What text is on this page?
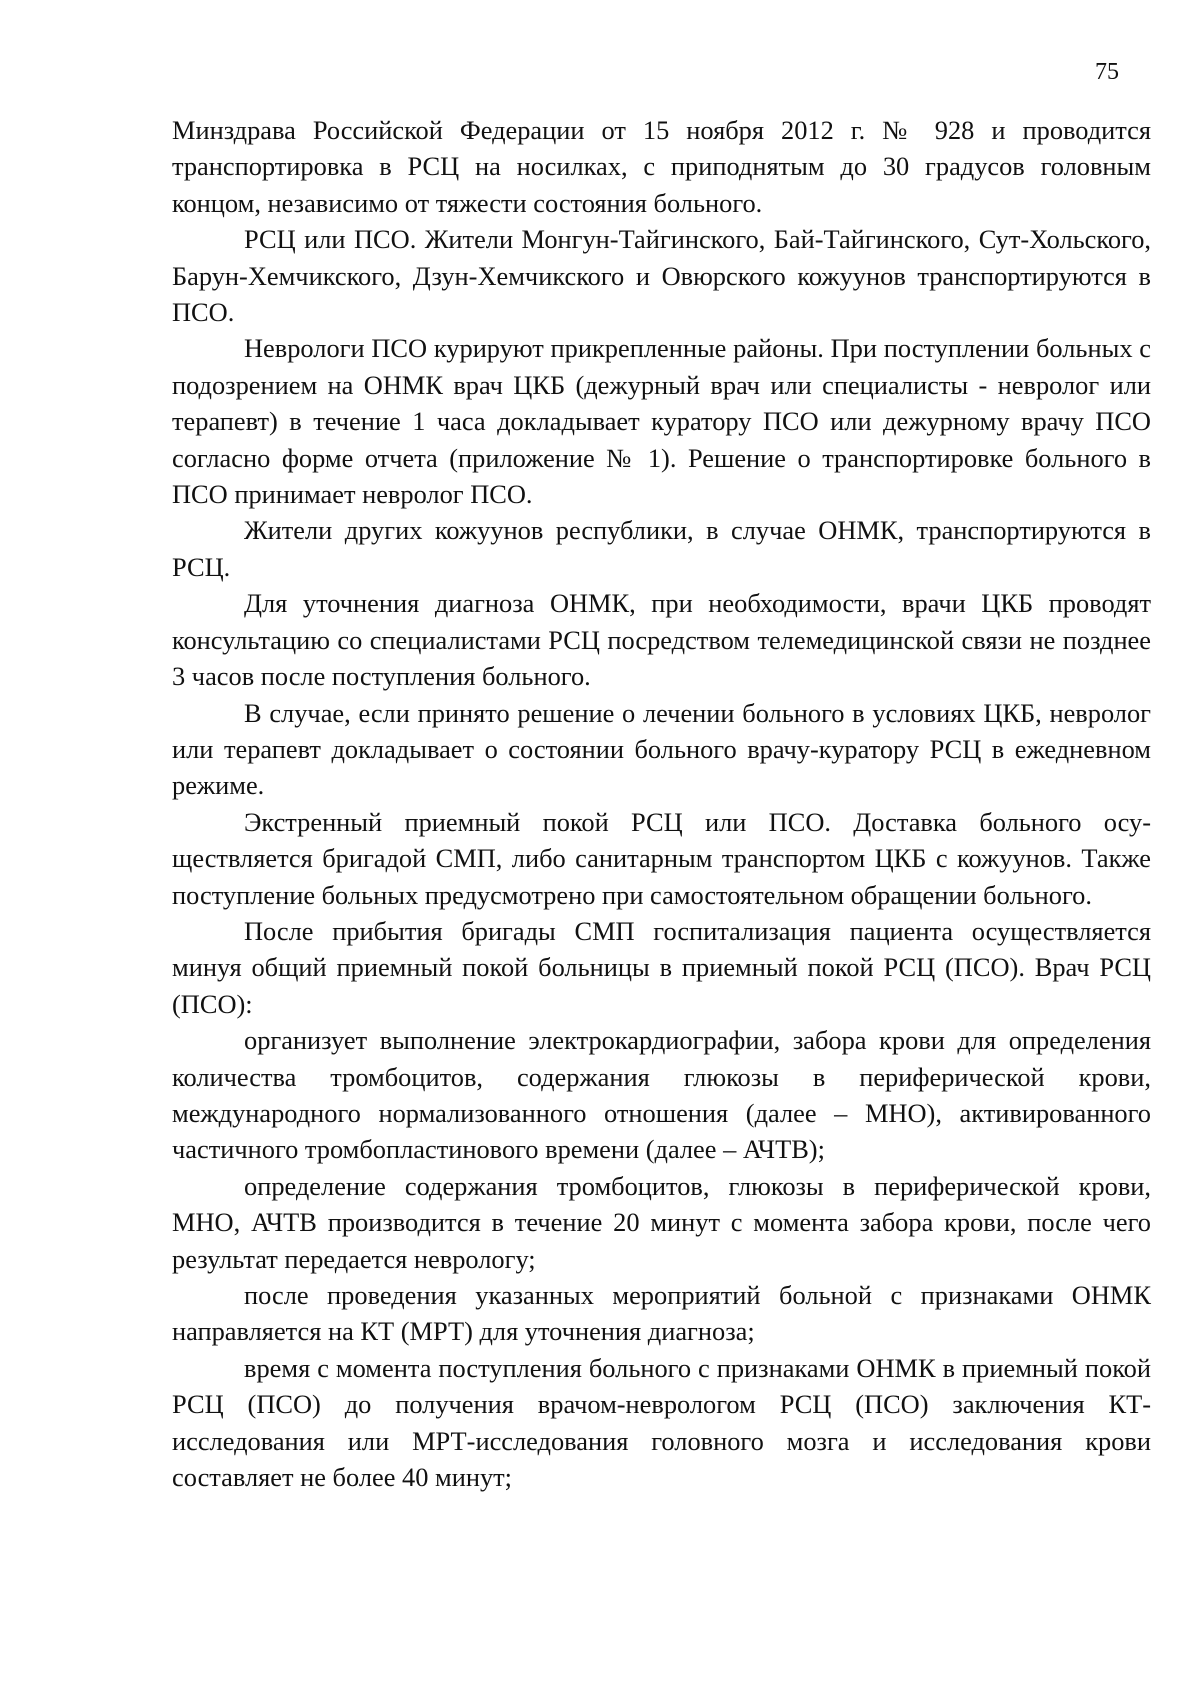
75

Минздрава Российской Федерации от 15 ноября 2012 г. № 928 и проводится транспортировка в РСЦ на носилках, с приподнятым до 30 градусов головным концом, независимо от тяжести состояния больного.

РСЦ или ПСО. Жители Монгун-Тайгинского, Бай-Тайгинского, Сут-Хольского, Барун-Хемчикского, Дзун-Хемчикского и Овюрского кожуунов транспортируются в ПСО.

Неврологи ПСО курируют прикрепленные районы. При поступлении больных с подозрением на ОНМК врач ЦКБ (дежурный врач или специалисты - невролог или терапевт) в течение 1 часа докладывает куратору ПСО или дежурному врачу ПСО согласно форме отчета (приложение № 1). Решение о транспортировке больного в ПСО принимает невролог ПСО.

Жители других кожуунов республики, в случае ОНМК, транспортируются в РСЦ.

Для уточнения диагноза ОНМК, при необходимости, врачи ЦКБ проводят консультацию со специалистами РСЦ посредством телемедицинской связи не позднее 3 часов после поступления больного.

В случае, если принято решение о лечении больного в условиях ЦКБ, невролог или терапевт докладывает о состоянии больного врачу-куратору РСЦ в ежедневном режиме.

Экстренный приемный покой РСЦ или ПСО. Доставка больного осуществляется бригадой СМП, либо санитарным транспортом ЦКБ с кожуунов. Также поступление больных предусмотрено при самостоятельном обращении больного.

После прибытия бригады СМП госпитализация пациента осуществляется минуя общий приемный покой больницы в приемный покой РСЦ (ПСО). Врач РСЦ (ПСО):

организует выполнение электрокардиографии, забора крови для определения количества тромбоцитов, содержания глюкозы в периферической крови, международного нормализованного отношения (далее – МНО), активированного частичного тромбопластинового времени (далее – АЧТВ);

определение содержания тромбоцитов, глюкозы в периферической крови, МНО, АЧТВ производится в течение 20 минут с момента забора крови, после чего результат передается неврологу;

после проведения указанных мероприятий больной с признаками ОНМК направляется на КТ (МРТ) для уточнения диагноза;

время с момента поступления больного с признаками ОНМК в приемный покой РСЦ (ПСО) до получения врачом-неврологом РСЦ (ПСО) заключения КТ-исследования или МРТ-исследования головного мозга и исследования крови составляет не более 40 минут;
